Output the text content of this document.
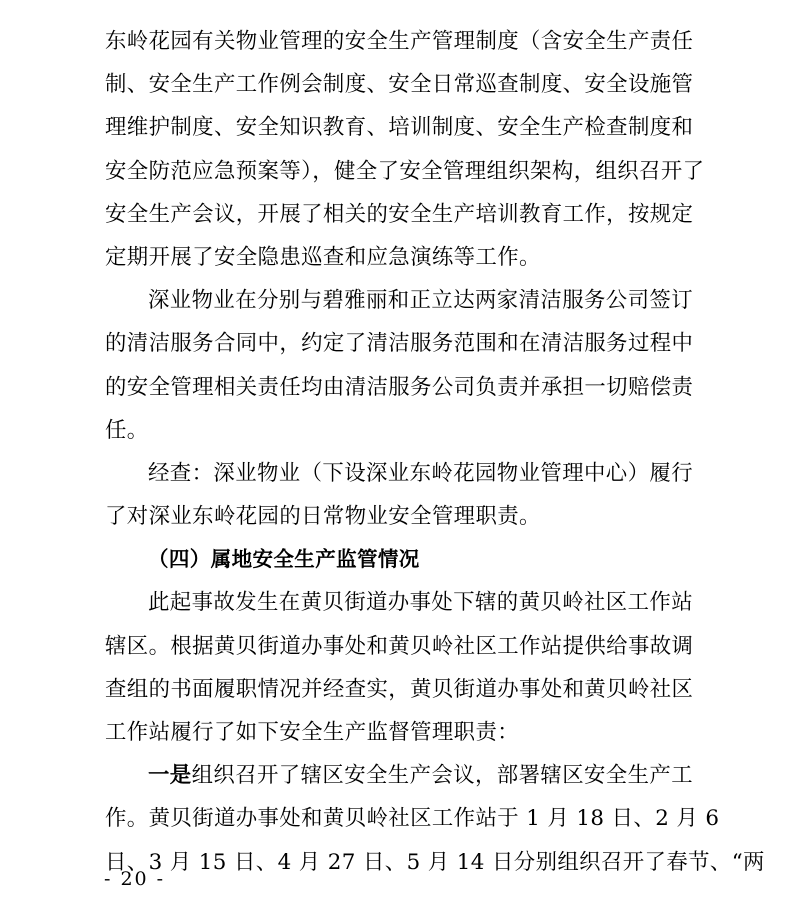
东岭花园有关物业管理的安全生产管理制度（含安全生产责任
制、安全生产工作例会制度、安全日常巡查制度、安全设施管
理维护制度、安全知识教育、培训制度、安全生产检查制度和
安全防范应急预案等），健全了安全管理组织架构，组织召开了
安全生产会议，开展了相关的安全生产培训教育工作，按规定
定期开展了安全隐患巡查和应急演练等工作。
深业物业在分别与碧雅丽和正立达两家清洁服务公司签订
的清洁服务合同中，约定了清洁服务范围和在清洁服务过程中
的安全管理相关责任均由清洁服务公司负责并承担一切赔偿责
任。
经查：深业物业（下设深业东岭花园物业管理中心）履行
了对深业东岭花园的日常物业安全管理职责。
（四）属地安全生产监管情况
此起事故发生在黄贝街道办事处下辖的黄贝岭社区工作站
辖区。根据黄贝街道办事处和黄贝岭社区工作站提供给事故调
查组的书面履职情况并经查实，黄贝街道办事处和黄贝岭社区
工作站履行了如下安全生产监督管理职责：
一是组织召开了辖区安全生产会议，部署辖区安全生产工
作。黄贝街道办事处和黄贝岭社区工作站于 1 月 18 日、2 月 6
日、3 月 15 日、4 月 27 日、5 月 14 日分别组织召开了春节、“两
- 20 -
